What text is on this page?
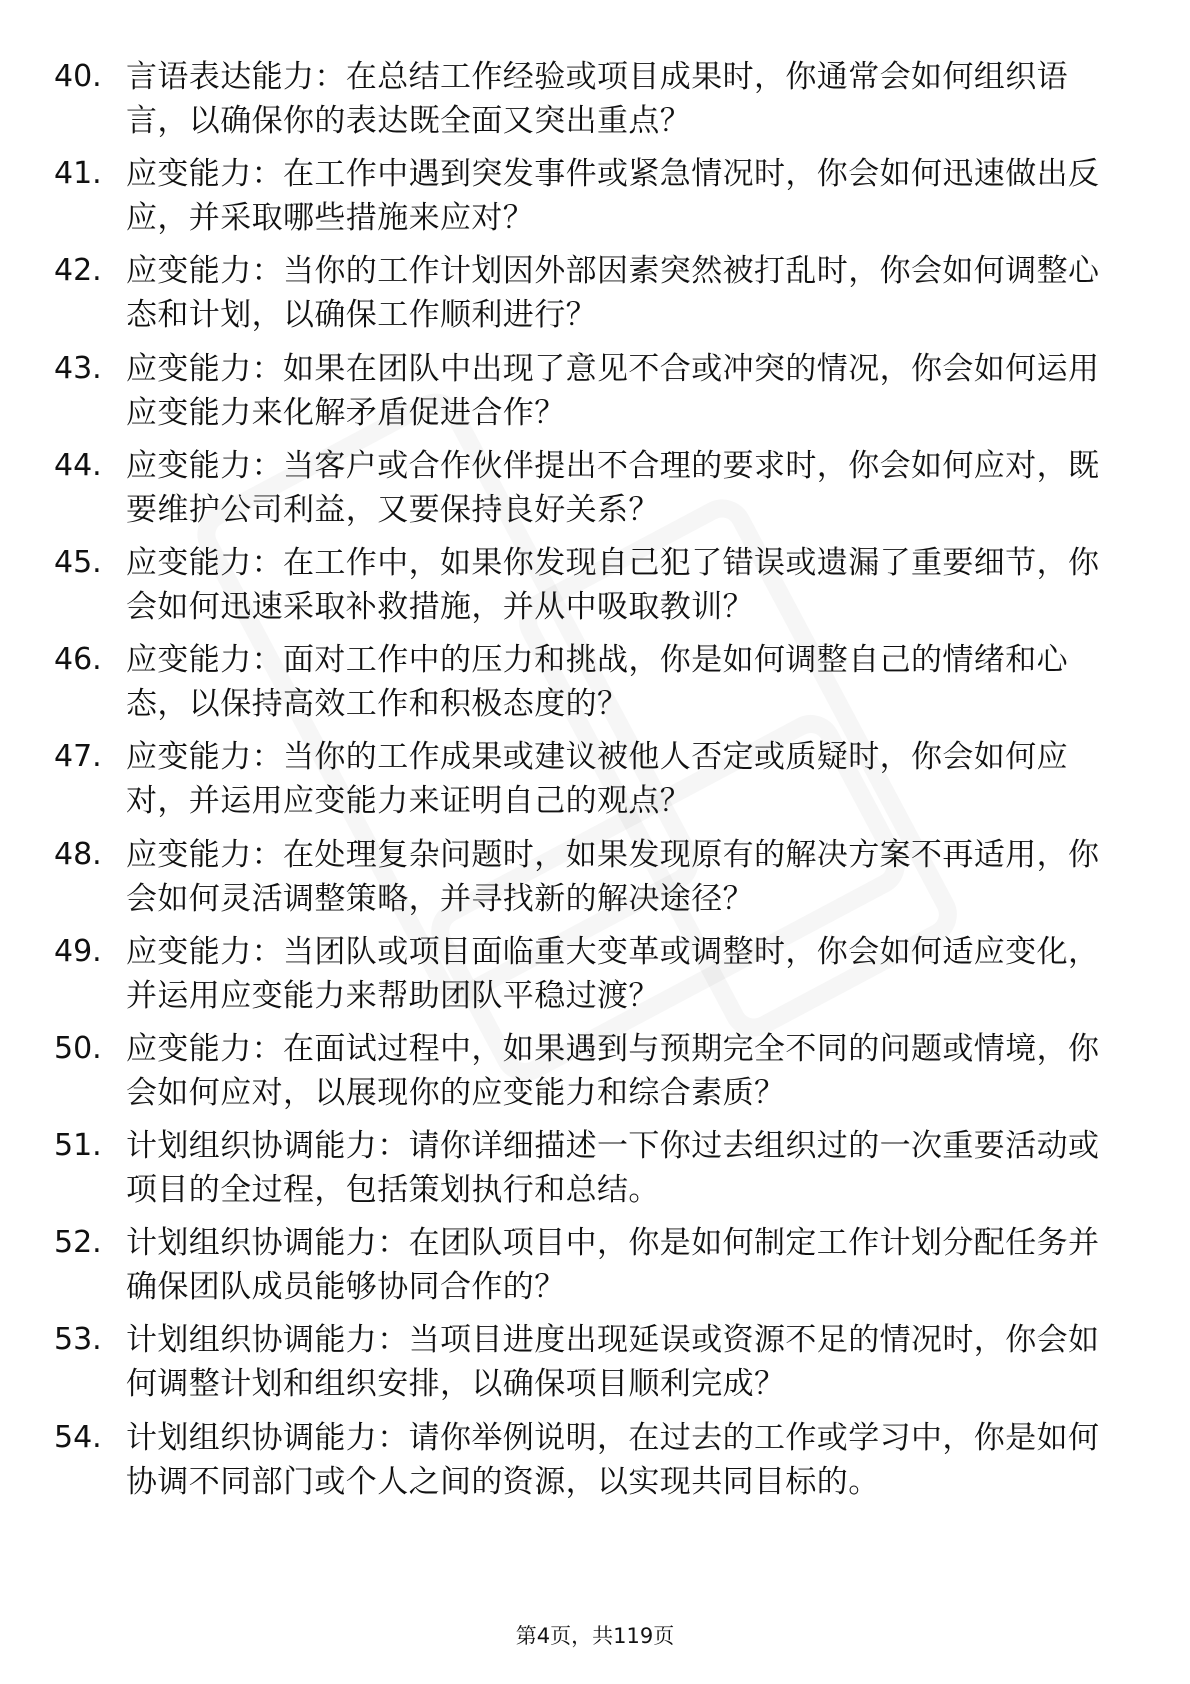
40. 言语表达能力：在总结工作经验或项目成果时，你通常会如何组织语言，以确保你的表达既全面又突出重点？
41. 应变能力：在工作中遇到突发事件或紧急情况时，你会如何迅速做出反应，并采取哪些措施来应对？
42. 应变能力：当你的工作计划因外部因素突然被打乱时，你会如何调整心态和计划，以确保工作顺利进行？
43. 应变能力：如果在团队中出现了意见不合或冲突的情况，你会如何运用应变能力来化解矛盾促进合作？
44. 应变能力：当客户或合作伙伴提出不合理的要求时，你会如何应对，既要维护公司利益，又要保持良好关系？
45. 应变能力：在工作中，如果你发现自己犯了错误或遗漏了重要细节，你会如何迅速采取补救措施，并从中吸取教训？
46. 应变能力：面对工作中的压力和挑战，你是如何调整自己的情绪和心态，以保持高效工作和积极态度的？
47. 应变能力：当你的工作成果或建议被他人否定或质疑时，你会如何应对，并运用应变能力来证明自己的观点？
48. 应变能力：在处理复杂问题时，如果发现原有的解决方案不再适用，你会如何灵活调整策略，并寻找新的解决途径？
49. 应变能力：当团队或项目面临重大变革或调整时，你会如何适应变化，并运用应变能力来帮助团队平稳过渡？
50. 应变能力：在面试过程中，如果遇到与预期完全不同的问题或情境，你会如何应对，以展现你的应变能力和综合素质？
51. 计划组织协调能力：请你详细描述一下你过去组织过的一次重要活动或项目的全过程，包括策划执行和总结。
52. 计划组织协调能力：在团队项目中，你是如何制定工作计划分配任务并确保团队成员能够协同合作的？
53. 计划组织协调能力：当项目进度出现延误或资源不足的情况时，你会如何调整计划和组织安排，以确保项目顺利完成？
54. 计划组织协调能力：请你举例说明，在过去的工作或学习中，你是如何协调不同部门或个人之间的资源，以实现共同目标的。
第4页，共119页
